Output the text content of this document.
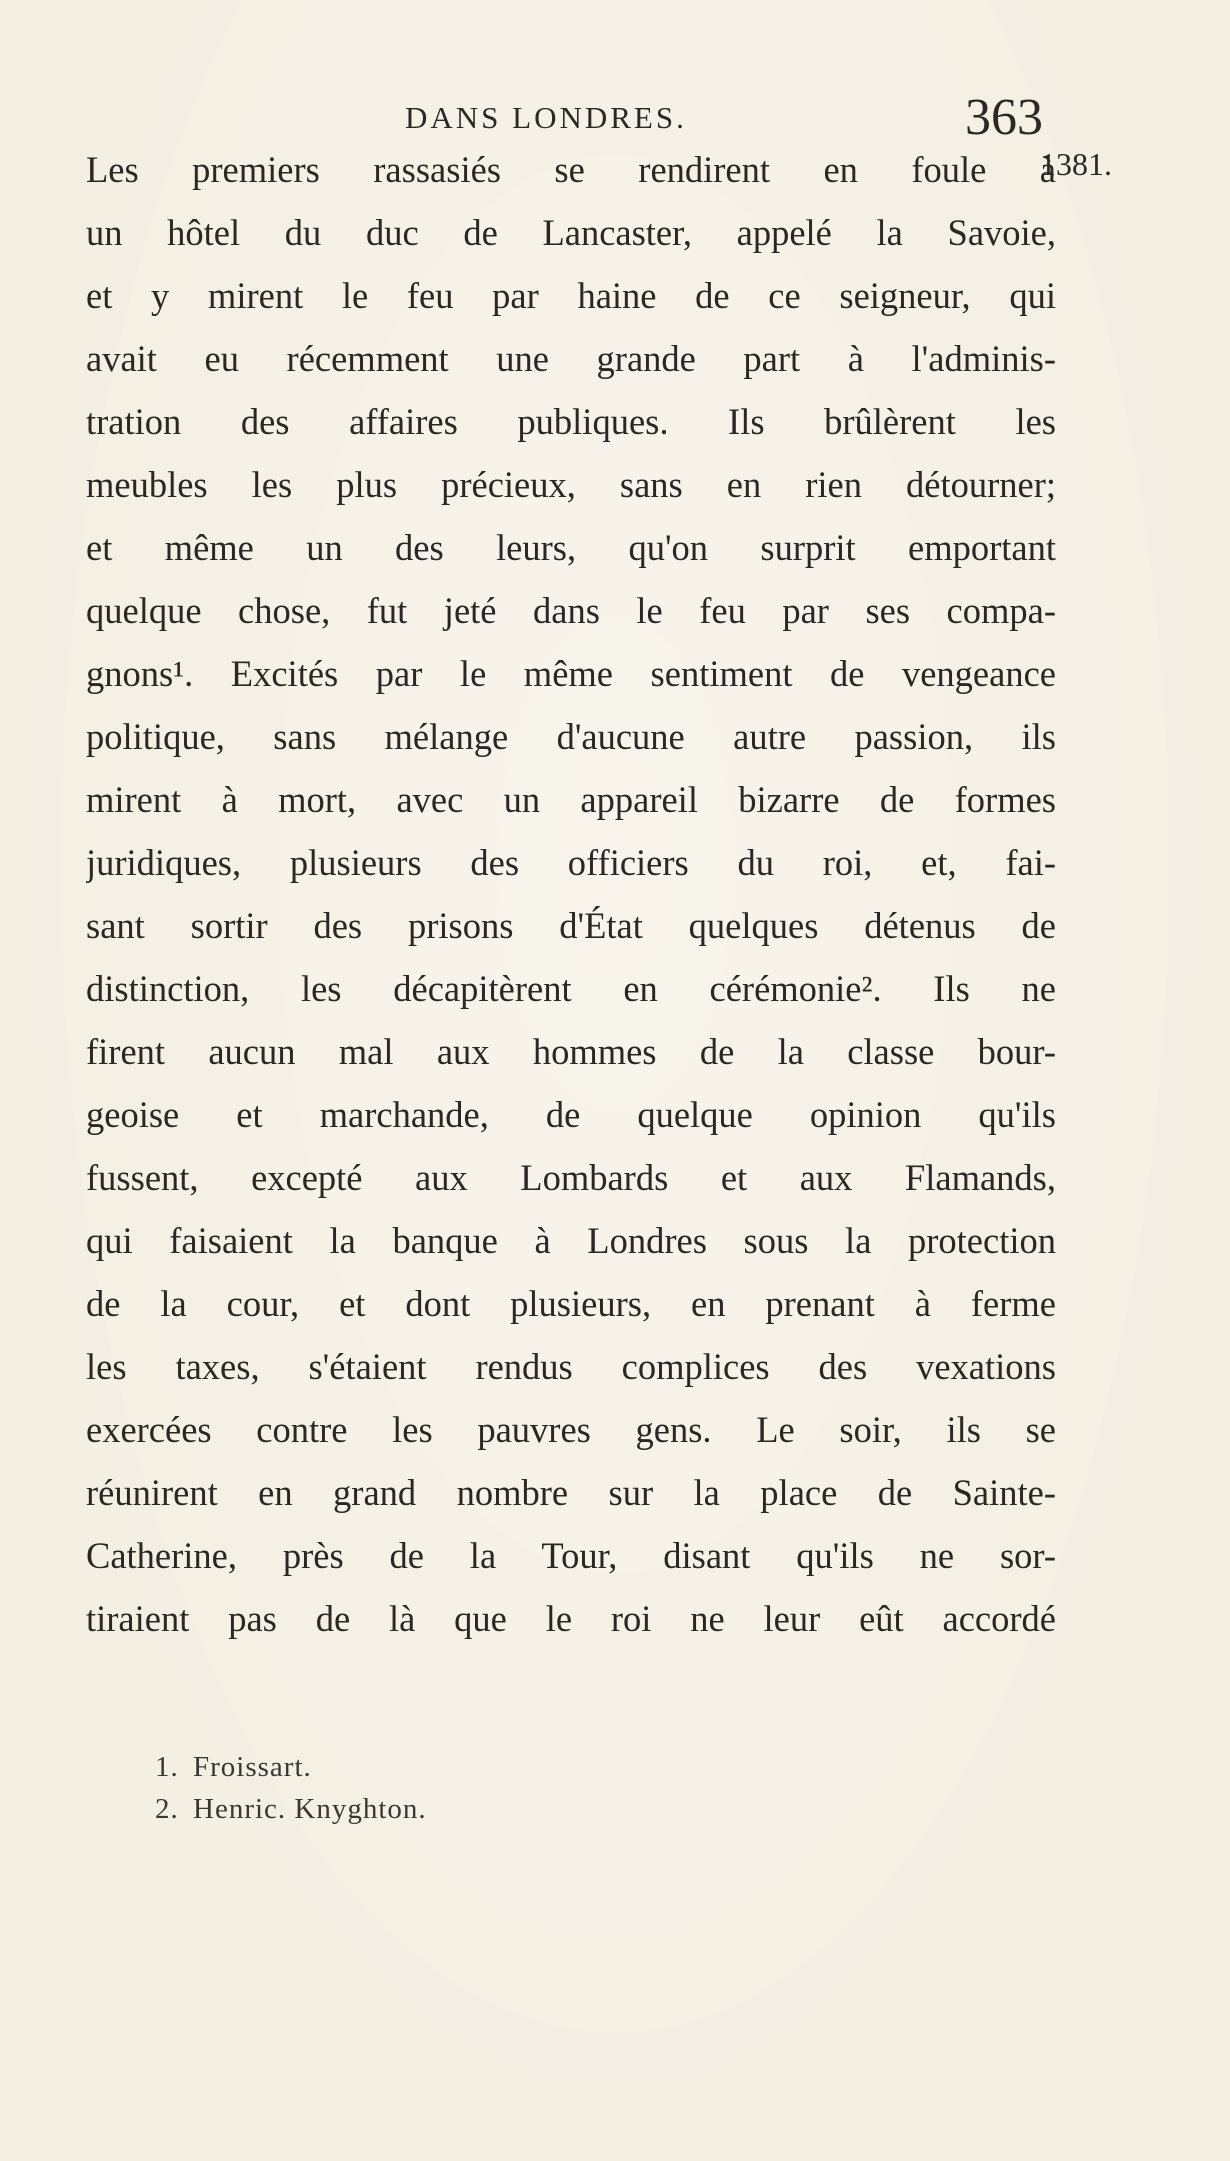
DANS LONDRES.	363
1381.
Les premiers rassasiés se rendirent en foule à
un hôtel du duc de Lancaster, appelé la Savoie,
et y mirent le feu par haine de ce seigneur, qui
avait eu récemment une grande part à l'adminis-
tration des affaires publiques. Ils brûlèrent les
meubles les plus précieux, sans en rien détourner;
et même un des leurs, qu'on surprit emportant
quelque chose, fut jeté dans le feu par ses compa-
gnons¹. Excités par le même sentiment de vengeance
politique, sans mélange d'aucune autre passion, ils
mirent à mort, avec un appareil bizarre de formes
juridiques, plusieurs des officiers du roi, et, fai-
sant sortir des prisons d'État quelques détenus de
distinction, les décapitèrent en cérémonie². Ils ne
firent aucun mal aux hommes de la classe bour-
geoise et marchande, de quelque opinion qu'ils
fussent, excepté aux Lombards et aux Flamands,
qui faisaient la banque à Londres sous la protection
de la cour, et dont plusieurs, en prenant à ferme
les taxes, s'étaient rendus complices des vexations
exercées contre les pauvres gens. Le soir, ils se
réunirent en grand nombre sur la place de Sainte-
Catherine, près de la Tour, disant qu'ils ne sor-
tiraient pas de là que le roi ne leur eût accordé
1. Froissart.
2. Henric. Knyghton.
